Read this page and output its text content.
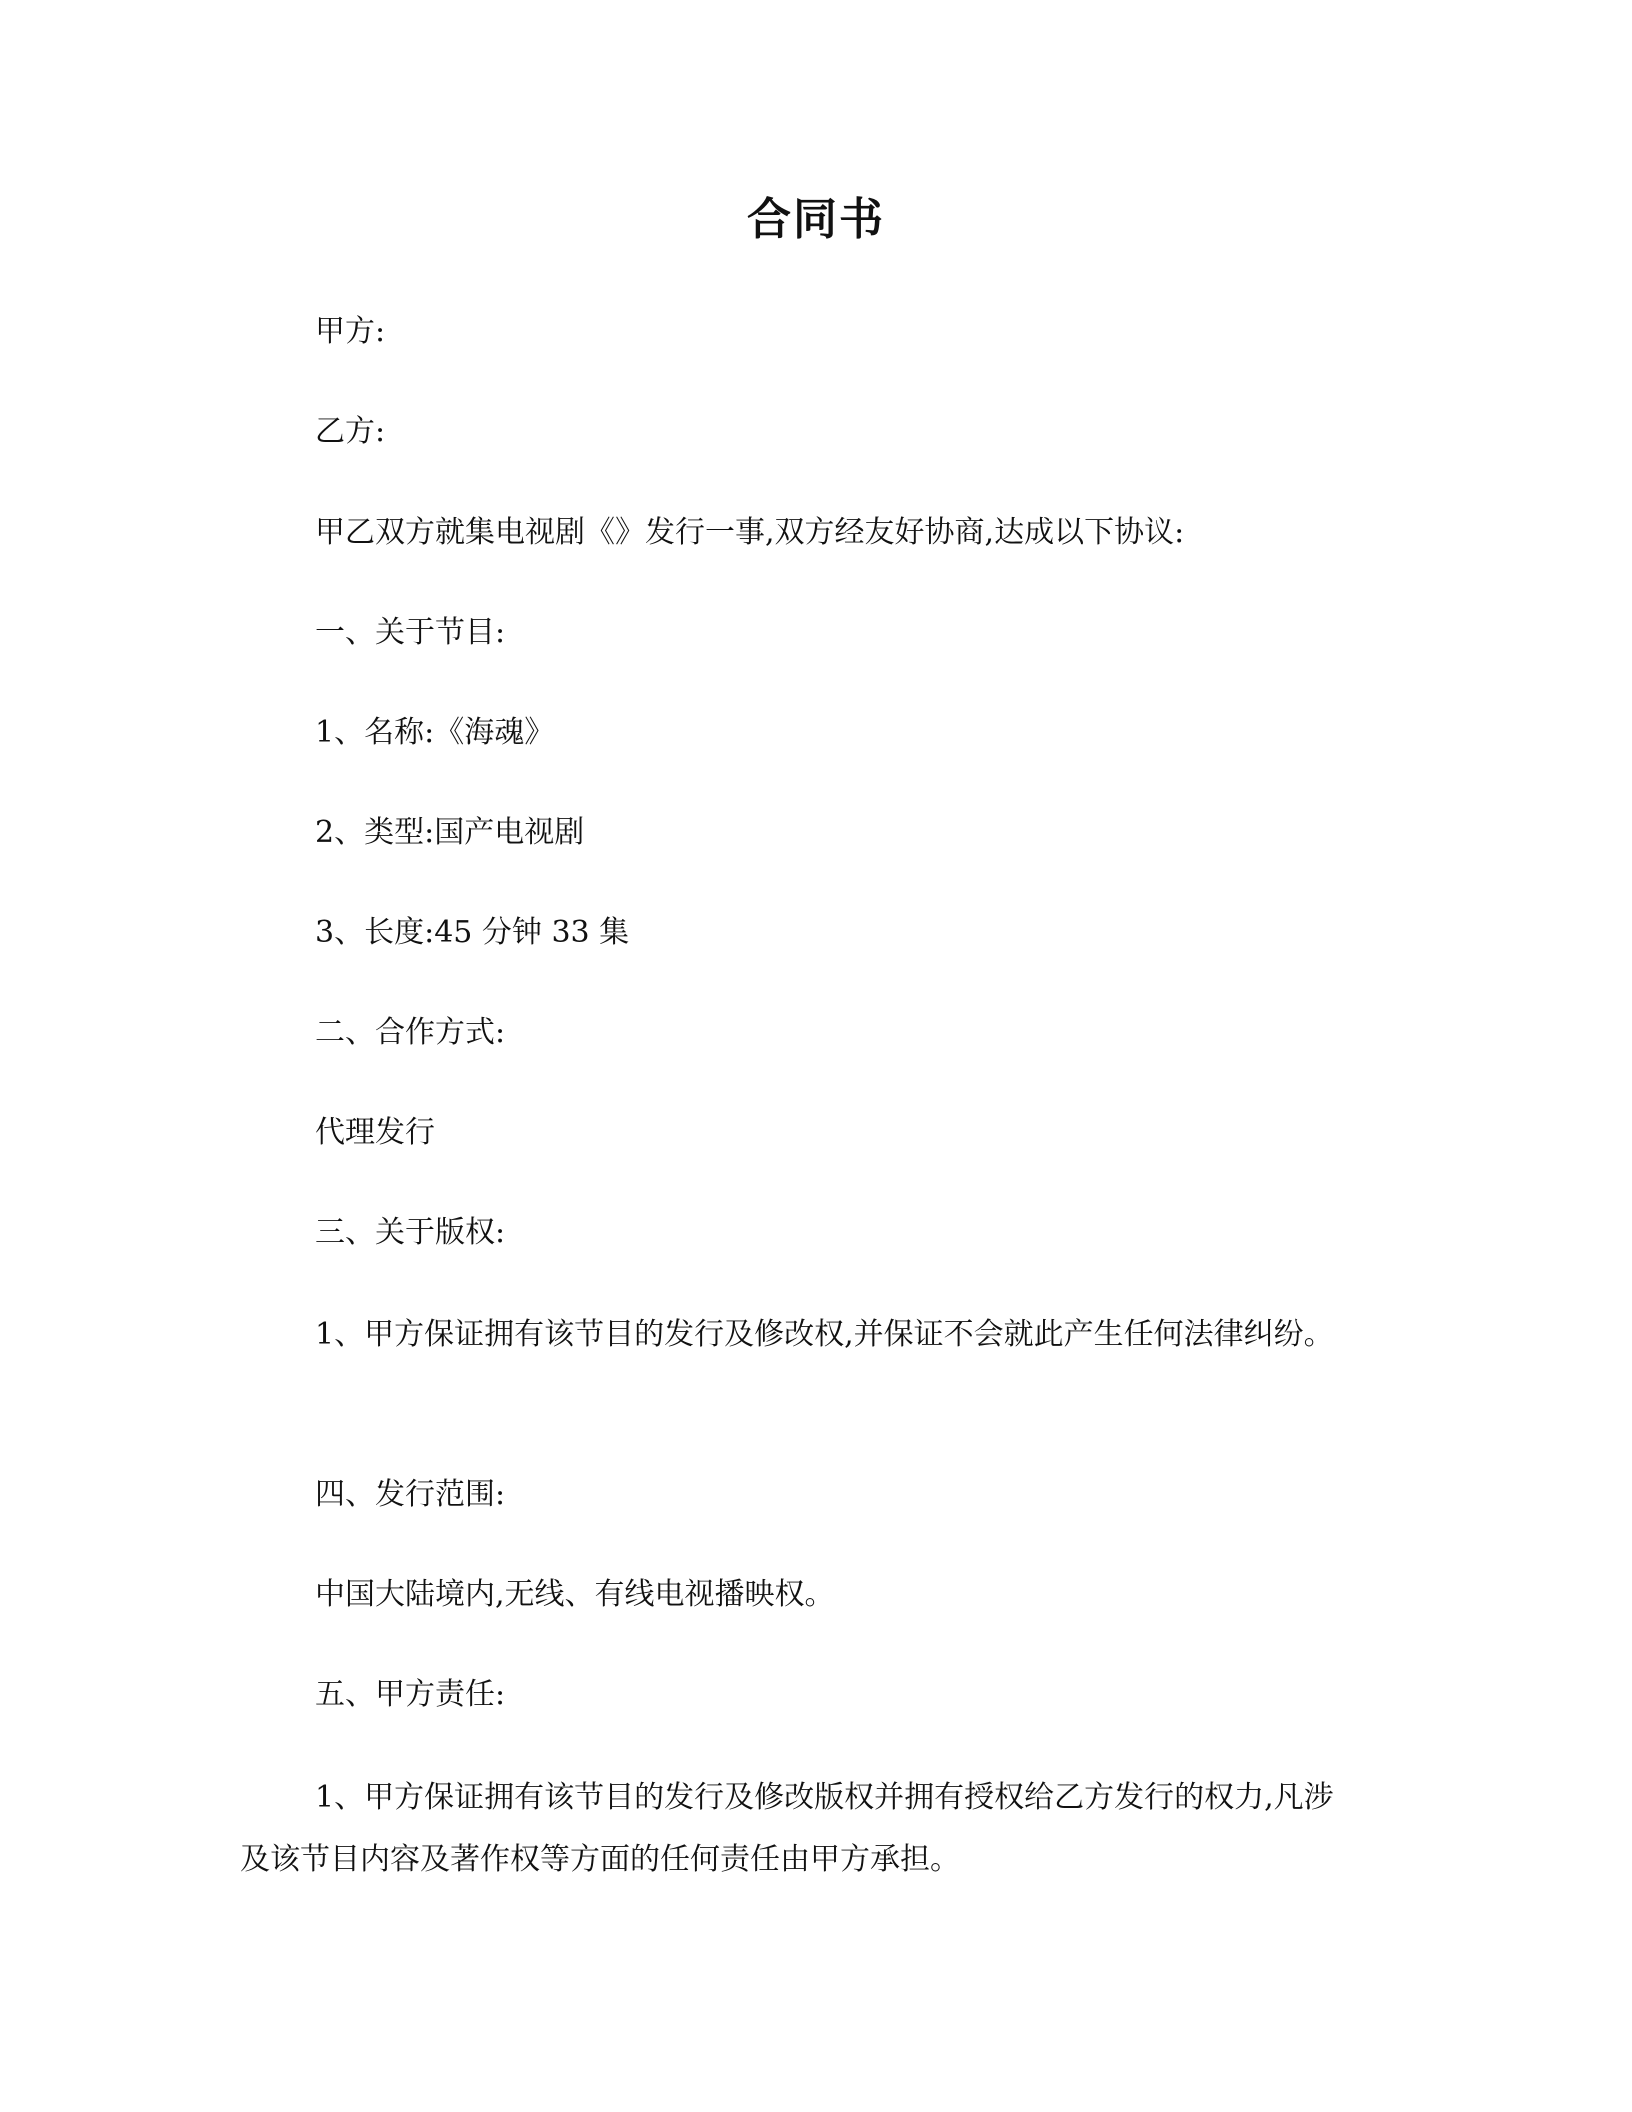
合同书

甲方:

乙方:

甲乙双方就集电视剧《》发行一事,双方经友好协商,达成以下协议:

一、关于节目:

1、名称:《海魂》

2、类型:国产电视剧

3、长度:45 分钟 33 集

二、合作方式:

代理发行

三、关于版权:

1、甲方保证拥有该节目的发行及修改权,并保证不会就此产生任何法律纠纷。

四、发行范围:

中国大陆境内,无线、有线电视播映权。

五、甲方责任:

1、甲方保证拥有该节目的发行及修改版权并拥有授权给乙方发行的权力,凡涉及该节目内容及著作权等方面的任何责任由甲方承担。
